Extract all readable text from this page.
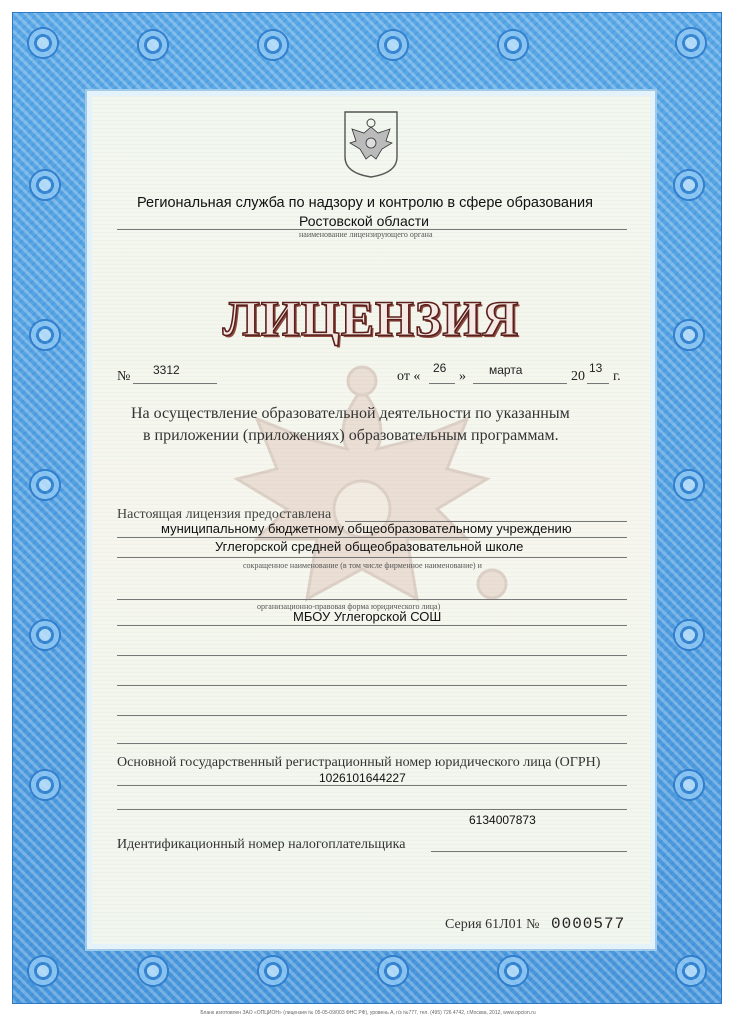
Региональная служба по надзору и контролю в сфере образования
Ростовской области
наименование лицензирующего органа
ЛИЦЕНЗИЯ
№ 3312	от «
26
» марта	20
13
г.
На осуществление образовательной деятельности по указанным
в приложении (приложениях) образовательным программам.
Настоящая лицензия предоставлена
муниципальному бюджетному общеобразовательному учреждению
Углегорской средней общеобразовательной школе
сокращенное наименование (в том числе фирменное наименование) и
организационно-правовая форма юридического лица)
МБОУ Углегорской СОШ
Основной государственный регистрационный номер юридического лица (ОГРН)
1026101644227
6134007873
Идентификационный номер налогоплательщика
Серия 61Л01 № 0000577
Бланк изготовлен ЗАО «ОПЦИОН» (лицензия № 05-05-09/003 ФНС РФ), уровень А, г/з №777, тел. (495) 726 4742, г.Москва, 2012, www.opcion.ru
